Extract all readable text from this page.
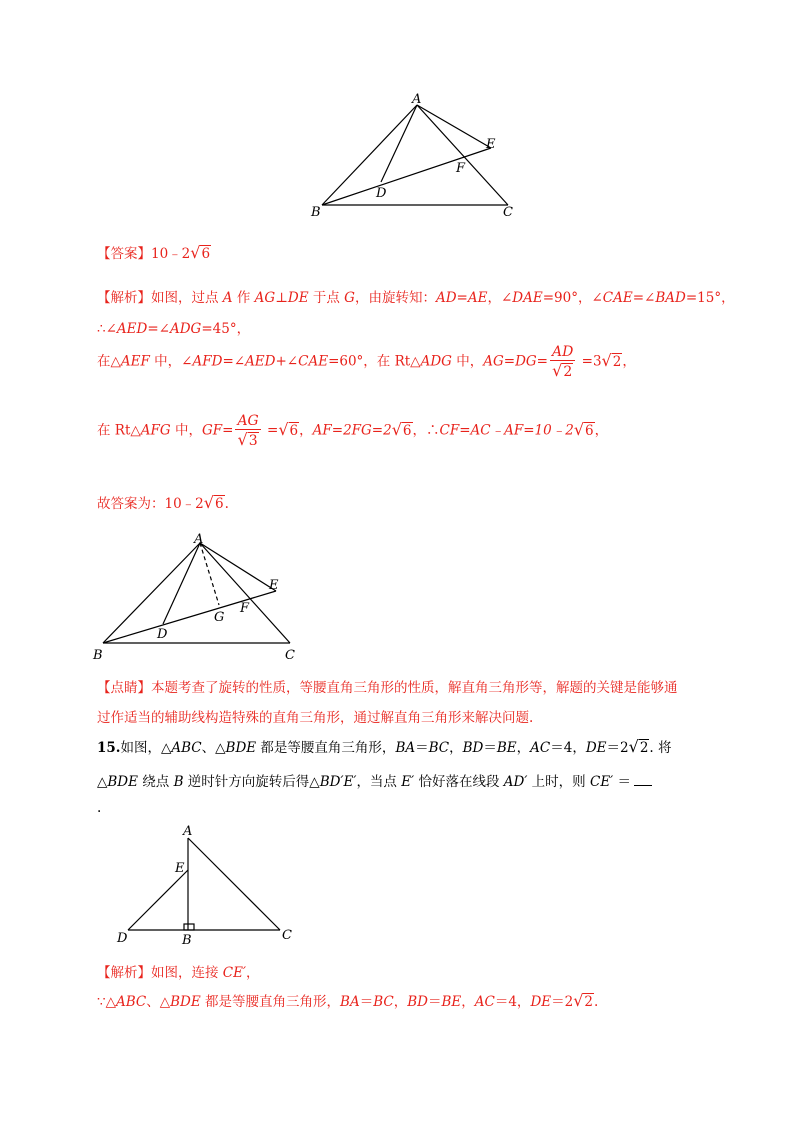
A
B	C
D
E
F
【答案】10﹣2√6
【解析】如图，过点 A 作 AG⊥DE 于点 G，由旋转知：AD=AE，∠DAE=90°，∠CAE=∠BAD=15°，
∴∠AED=∠ADG=45°，
在△AEF 中，∠AFD=∠AED+∠CAE=60°，在 Rt△ADG 中，$AG=DG= \frac{AD}{√2} =3√2$，
在 Rt△AFG 中，$GF= \frac{AG}{√3} =√6$，AF=2FG=2√6，∴CF=AC﹣AF=10﹣2√6，
故答案为：10﹣2√6.
A
B	C
D
E
F
G
【点睛】本题考查了旋转的性质，等腰直角三角形的性质，解直角三角形等，解题的关键是能够通
过作适当的辅助线构造特殊的直角三角形，通过解直角三角形来解决问题.
15.如图，△ABC、△BDE 都是等腰直角三角形，BA＝BC，BD＝BE，AC＝4，DE＝2√2. 将
△BDE 绕点 B 逆时针方向旋转后得△BD′E′，当点 E′ 恰好落在线段 AD′ 上时，则 CE′ ＝
.
A
B	C
D
E
【解析】如图，连接 CE′，
∵△ABC、△BDE 都是等腰直角三角形，BA＝BC，BD＝BE，AC＝4，DE＝2√2.
